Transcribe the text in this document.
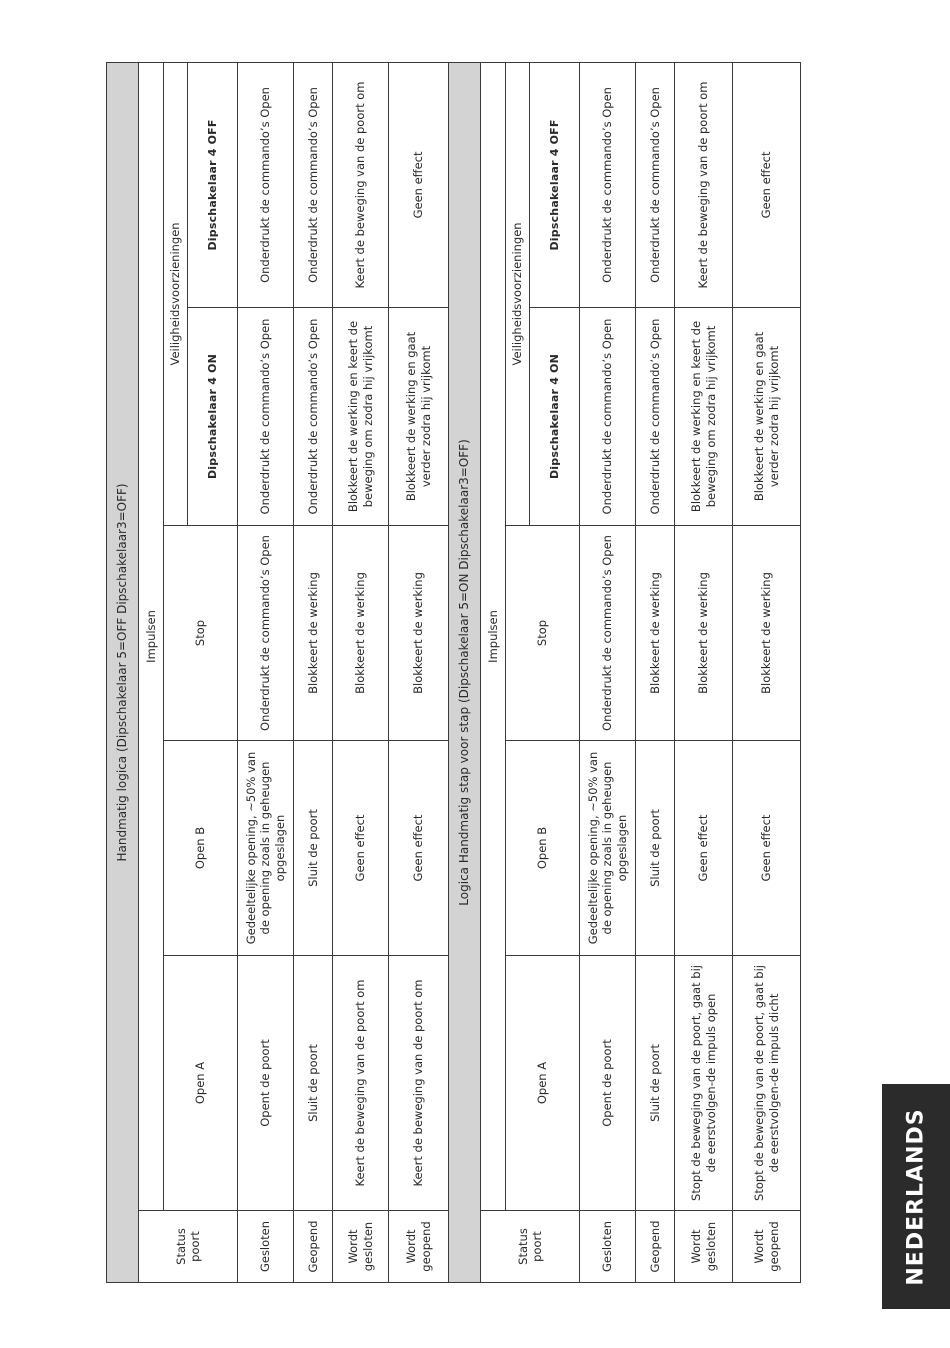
Handmatig logica (Dipschakelaar 5=OFF Dipschakelaar3=OFF)					
Status poort	Impulsen				
	Open A	Open B	Stop	Veiligheidsvoorzieningen	
				Dipschakelaar 4 ON	Dipschakelaar 4 OFF
Gesloten	Opent de poort	Gedeeltelijke opening, ~50% van de opening zoals in geheugen opgeslagen	Onderdrukt de commando’s Open	Onderdrukt de commando’s Open	Onderdrukt de commando’s Open
Geopend	Sluit de poort	Sluit de poort	Blokkeert de werking	Onderdrukt de commando’s Open	Onderdrukt de commando’s Open
Wordt gesloten	Keert de beweging van de poort om	Geen effect	Blokkeert de werking	Blokkeert de werking en keert de beweging om zodra hij vrijkomt	Keert de beweging van de poort om
Wordt geopend	Keert de beweging van de poort om	Geen effect	Blokkeert de werking	Blokkeert de werking en gaat verder zodra hij vrijkomt	Geen effect
Logica Handmatig stap voor stap (Dipschakelaar 5=ON Dipschakelaar3=OFF)					
Status poort	Impulsen				
	Open A	Open B	Stop	Veiligheidsvoorzieningen	
				Dipschakelaar 4 ON	Dipschakelaar 4 OFF
Gesloten	Opent de poort	Gedeeltelijke opening, ~50% van de opening zoals in geheugen opgeslagen	Onderdrukt de commando’s Open	Onderdrukt de commando’s Open	Onderdrukt de commando’s Open
Geopend	Sluit de poort	Sluit de poort	Blokkeert de werking	Onderdrukt de commando’s Open	Onderdrukt de commando’s Open
Wordt gesloten	Stopt de beweging van de poort, gaat bij de eerstvolgen-de impuls open	Geen effect	Blokkeert de werking	Blokkeert de werking en keert de beweging om zodra hij vrijkomt	Keert de beweging van de poort om
Wordt geopend	Stopt de beweging van de poort, gaat bij de eerstvolgen-de impuls dicht	Geen effect	Blokkeert de werking	Blokkeert de werking en gaat verder zodra hij vrijkomt	Geen effect
NEDERLANDS
